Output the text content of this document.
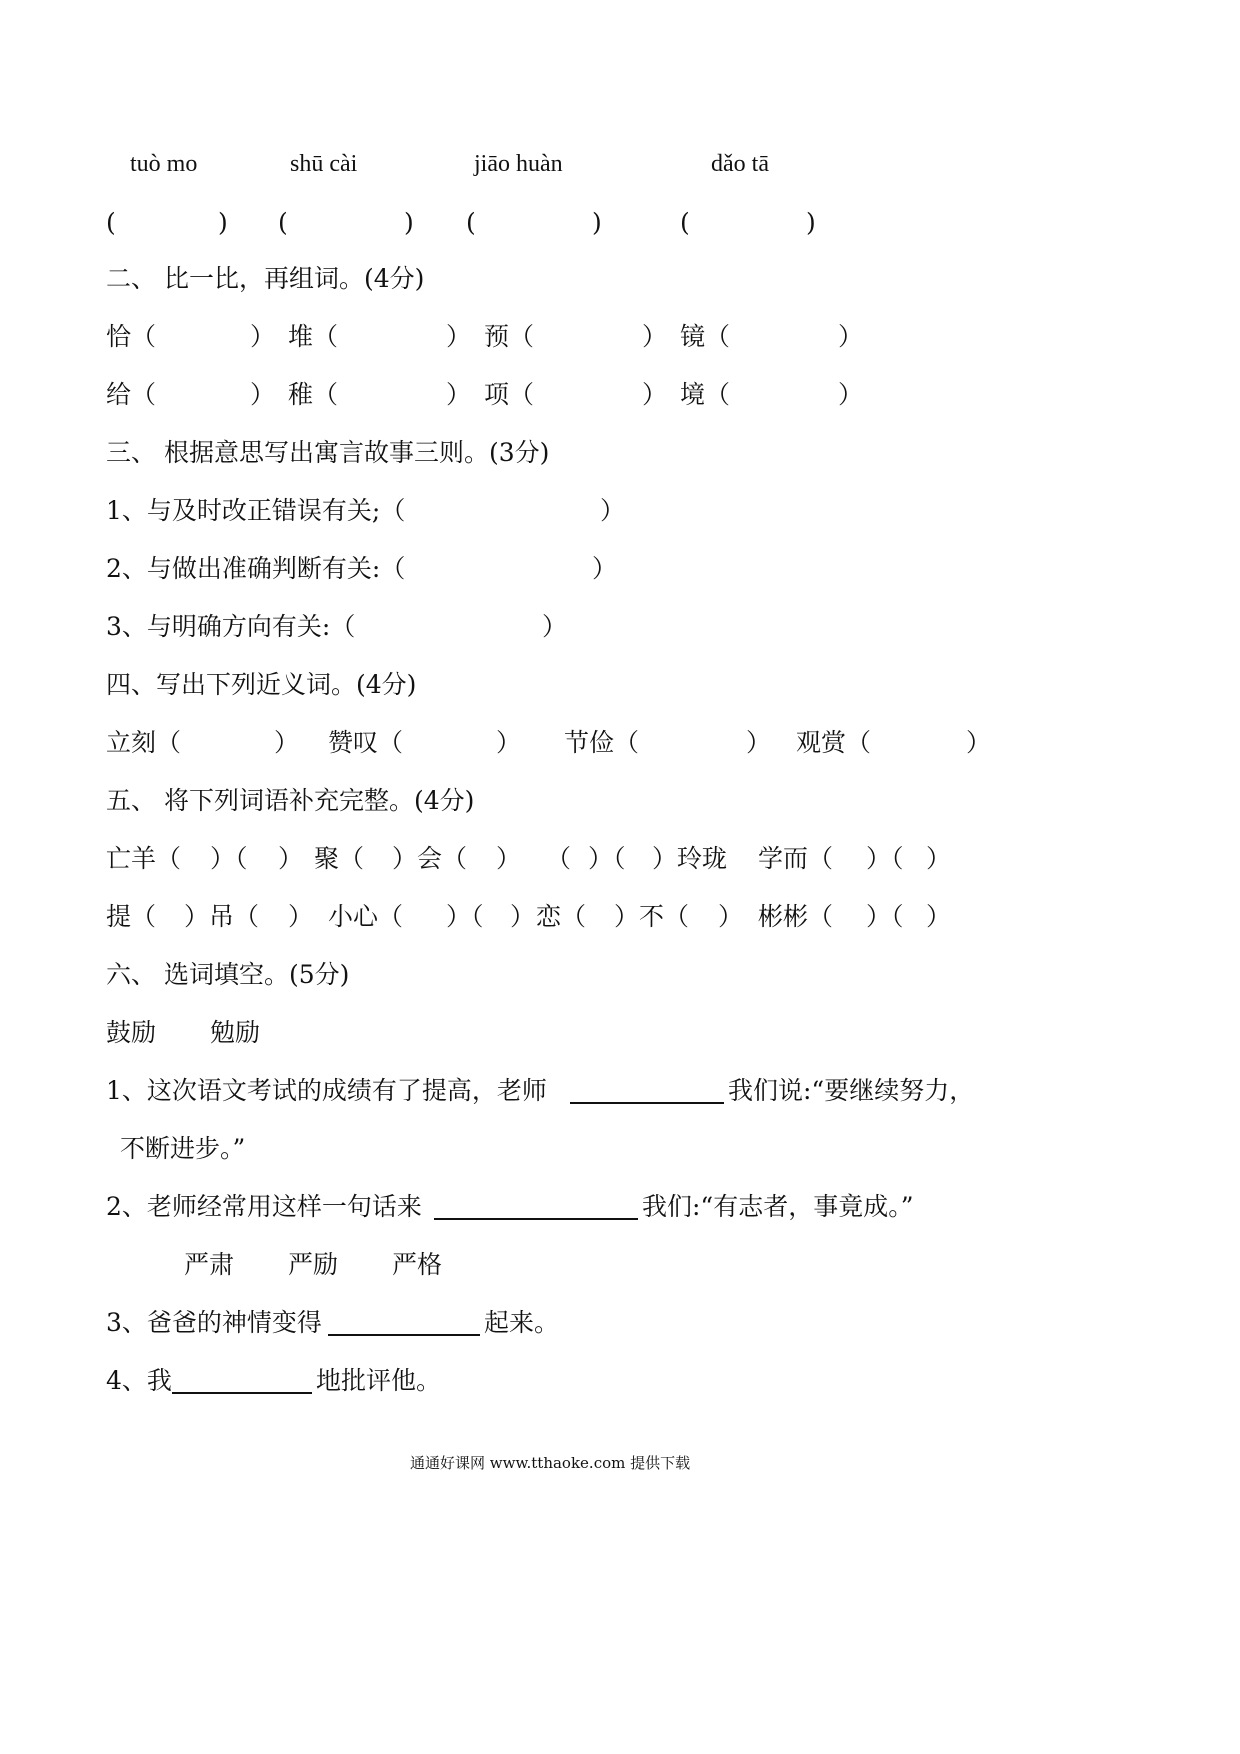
tuò mo	shū cài	jiāo huàn	dǎo tā
(	) (	) (	)	(	)
二、 比一比，再组词。(4分)
恰（	） 堆（	） 预（	） 镜（	）
给（	） 稚（	） 项（	） 境（	）
三、 根据意思写出寓言故事三则。(3分)
1、与及时改正错误有关;（	）
2、与做出准确判断有关:（	）
3、与明确方向有关:（	）
四、写出下列近义词。(4分)
立刻（	） 赞叹（	） 节俭（	） 观赏（	）
五、 将下列词语补充完整。(4分)
亡羊（ ）（ ） 聚（ ）会（ ） （ ）（ ）玲珑 学而（ ）（ ）
提（ ）吊（ ） 小心（ ）（ ） 恋（ ）不（ ） 彬彬（ ）（ ）
六、 选词填空。(5分)
鼓励 勉励
1、这次语文考试的成绩有了提高，老师	我们说:“要继续努力，
不断进步。”
2、老师经常用这样一句话来	我们:“有志者，事竟成。”
严肃 严励 严格
3、爸爸的神情变得	起来。
4、我	地批评他。
通通好课网 www.tthaoke.com 提供下载
